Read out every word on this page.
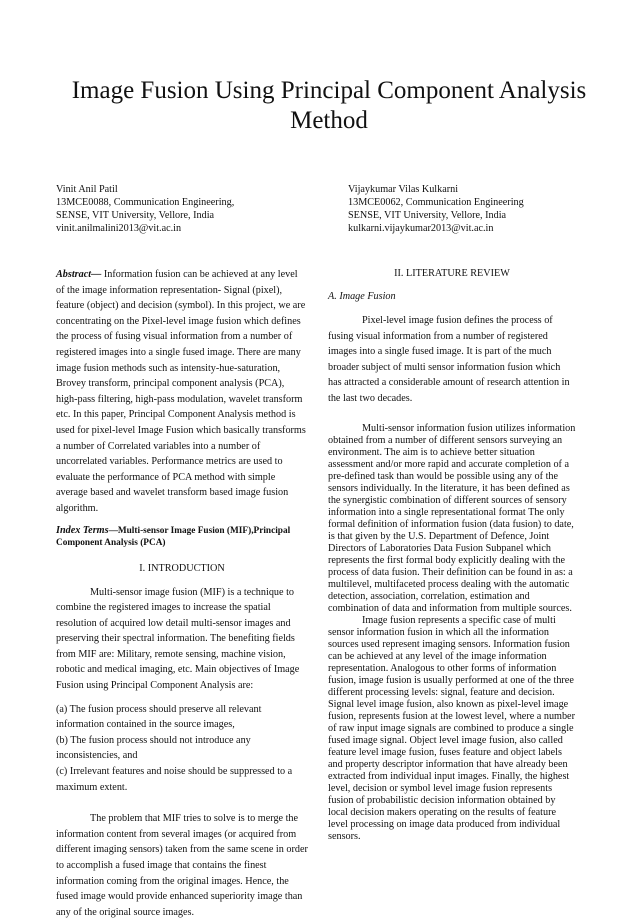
Image Fusion Using Principal Component Analysis
Method
Vinit Anil Patil
13MCE0088, Communication Engineering,
SENSE, VIT University, Vellore, India
vinit.anilmalini2013@vit.ac.in
Vijaykumar Vilas Kulkarni
13MCE0062, Communication Engineering
SENSE, VIT University, Vellore, India
kulkarni.vijaykumar2013@vit.ac.in

Abstract— Information fusion can be achieved at any level of the image information representation- Signal (pixel), feature (object) and decision (symbol). In this project, we are concentrating on the Pixel-level image fusion which defines the process of fusing visual information from a number of registered images into a single fused image. There are many image fusion methods such as intensity-hue-saturation, Brovey transform, principal component analysis (PCA), high-pass filtering, high-pass modulation, wavelet transform etc. In this paper, Principal Component Analysis method is used for pixel-level Image Fusion which basically transforms a number of Correlated variables into a number of uncorrelated variables. Performance metrics are used to evaluate the performance of PCA method with simple average based and wavelet transform based image fusion algorithm.

Index Terms—Multi-sensor Image Fusion (MIF),Principal Component Analysis (PCA)

I. INTRODUCTION

Multi-sensor image fusion (MIF) is a technique to combine the registered images to increase the spatial resolution of acquired low detail multi-sensor images and preserving their spectral information. The benefiting fields from MIF are: Military, remote sensing, machine vision, robotic and medical imaging, etc. Main objectives of Image Fusion using Principal Component Analysis are:

(a) The fusion process should preserve all relevant information contained in the source images,

(b) The fusion process should not introduce any inconsistencies, and

(c) Irrelevant features and noise should be suppressed to a maximum extent.

The problem that MIF tries to solve is to merge the information content from several images (or acquired from different imaging sensors) taken from the same scene in order to accomplish a fused image that contains the finest information coming from the original images. Hence, the fused image would provide enhanced superiority image than any of the original source images.

II. LITERATURE REVIEW

A. Image Fusion

Pixel-level image fusion defines the process of fusing visual information from a number of registered images into a single fused image. It is part of the much broader subject of multi sensor information fusion which has attracted a considerable amount of research attention in the last two decades.

Multi-sensor information fusion utilizes information obtained from a number of different sensors surveying an environment. The aim is to achieve better situation assessment and/or more rapid and accurate completion of a pre-defined task than would be possible using any of the sensors individually. In the literature, it has been defined as the synergistic combination of different sources of sensory information into a single representational format The only formal definition of information fusion (data fusion) to date, is that given by the U.S. Department of Defence, Joint Directors of Laboratories Data Fusion Subpanel which represents the first formal body explicitly dealing with the process of data fusion. Their definition can be found in as: a multilevel, multifaceted process dealing with the automatic detection, association, correlation, estimation and combination of data and information from multiple sources.

Image fusion represents a specific case of multi sensor information fusion in which all the information sources used represent imaging sensors. Information fusion can be achieved at any level of the image information representation. Analogous to other forms of information fusion, image fusion is usually performed at one of the three different processing levels: signal, feature and decision. Signal level image fusion, also known as pixel-level image fusion, represents fusion at the lowest level, where a number of raw input image signals are combined to produce a single fused image signal. Object level image fusion, also called feature level image fusion, fuses feature and object labels and property descriptor information that have already been extracted from individual input images. Finally, the highest level, decision or symbol level image fusion represents fusion of probabilistic decision information obtained by local decision makers operating on the results of feature level processing on image data produced from individual sensors.
